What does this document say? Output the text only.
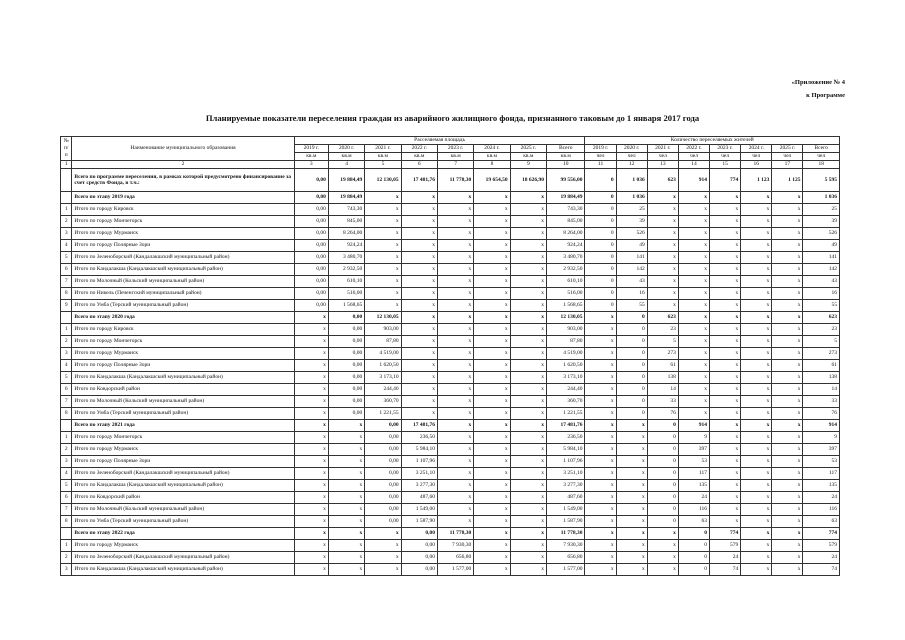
«Приложение № 4
к Программе
Планируемые показатели переселения граждан из аварийного жилищного фонда, признанного таковым до 1 января 2017 года
№ п/п	Наименование муниципального образования	Расселяемая площадь								Количество переселяемых жителей							
		2019 г.	2020 г.	2021 г.	2022 г.	2023 г.	2024 г.	2025 г.	Всего	2019 г.	2020 г.	2021 г.	2022 г.	2023 г.	2024 г.	2025 г.	Всего
		кв.м	кв.м	кв.м	кв.м	кв.м	кв.м	кв.м	кв.м	чел	чел	чел	чел	чел	чел	чел	чел
1	2	3	4	5	6	7	8	9	10	11	12	13	14	15	16	17	18
	Всего по программе переселения, в рамках которой предусмотрено финансирование за счет средств Фонда, в т.ч.:	0,00	19 884,49	12 130,05	17 481,76	11 778,30	19 654,50	18 626,90	99 556,00	0	1 036	623	914	774	1 123	1 125	5 595
	Всего по этапу 2019 года	0,00	19 884,49	x	x	x	x	x	19 884,49	0	1 036	x	x	x	x	x	1 036
1	Итого по городу Кировск	0,00	743,30	x	x	x	x	x	743,30	0	25	x	x	x	x	x	25
2	Итого по городу Мончегорск	0,00	845,00	x	x	x	x	x	845,00	0	39	x	x	x	x	x	39
3	Итого по городу Мурманск	0,00	8 264,00	x	x	x	x	x	8 264,00	0	526	x	x	x	x	x	526
4	Итого по городу Полярные Зори	0,00	924,24	x	x	x	x	x	924,24	0	49	x	x	x	x	x	49
5	Итого по Зеленоборский (Кандалакшский муниципальный район)	0,00	3 480,70	x	x	x	x	x	3 480,70	0	141	x	x	x	x	x	141
6	Итого по Кандалакша (Кандалакшский муниципальный район)	0,00	2 932,50	x	x	x	x	x	2 932,50	0	142	x	x	x	x	x	142
7	Итого по Молочный (Кольский муниципальный район)	0,00	610,10	x	x	x	x	x	610,10	0	43	x	x	x	x	x	43
8	Итого по Никель (Печенгский муниципальный район)	0,00	516,00	x	x	x	x	x	516,00	0	16	x	x	x	x	x	16
9	Итого по Умба (Терский муниципальный район)	0,00	1 568,65	x	x	x	x	x	1 568,65	0	55	x	x	x	x	x	55
	Всего по этапу 2020 года	x	0,00	12 130,05	x	x	x	x	12 130,05	x	0	623	x	x	x	x	623
1	Итого по городу Кировск	x	0,00	903,00	x	x	x	x	903,00	x	0	23	x	x	x	x	23
2	Итого по городу Мончегорск	x	0,00	87,80	x	x	x	x	87,80	x	0	5	x	x	x	x	5
3	Итого по городу Мурманск	x	0,00	4 519,00	x	x	x	x	4 519,00	x	0	273	x	x	x	x	273
4	Итого по городу Полярные Зори	x	0,00	1 620,50	x	x	x	x	1 620,50	x	0	61	x	x	x	x	61
5	Итого по Кандалакша (Кандалакшский муниципальный район)	x	0,00	3 173,10	x	x	x	x	3 173,10	x	0	138	x	x	x	x	138
6	Итого по Ковдорский район	x	0,00	244,40	x	x	x	x	244,40	x	0	14	x	x	x	x	14
7	Итого по Молочный (Кольский муниципальный район)	x	0,00	360,70	x	x	x	x	360,70	x	0	33	x	x	x	x	33
8	Итого по Умба (Терский муниципальный район)	x	0,00	1 221,55	x	x	x	x	1 221,55	x	0	76	x	x	x	x	76
	Всего по этапу 2021 года	x	x	0,00	17 481,76	x	x	x	17 481,76	x	x	0	914	x	x	x	914
1	Итого по городу Мончегорск	x	x	0,00	236,50	x	x	x	236,50	x	x	0	9	x	x	x	9
2	Итого по городу Мурманск	x	x	0,00	5 984,10	x	x	x	5 984,10	x	x	0	397	x	x	x	397
3	Итого по городу Полярные Зори	x	x	0,00	1 107,96	x	x	x	1 107,96	x	x	0	53	x	x	x	53
4	Итого по Зеленоборский (Кандалакшский муниципальный район)	x	x	0,00	3 251,10	x	x	x	3 251,10	x	x	0	117	x	x	x	117
5	Итого по Кандалакша (Кандалакшский муниципальный район)	x	x	0,00	3 277,30	x	x	x	3 277,30	x	x	0	135	x	x	x	135
6	Итого по Ковдорский район	x	x	0,00	487,60	x	x	x	487,60	x	x	0	24	x	x	x	24
7	Итого по Молочный (Кольский муниципальный район)	x	x	0,00	1 549,00	x	x	x	1 549,00	x	x	0	116	x	x	x	116
8	Итого по Умба (Терский муниципальный район)	x	x	0,00	1 587,90	x	x	x	1 587,90	x	x	0	63	x	x	x	63
	Всего по этапу 2022 года	x	x	x	0,00	11 778,30	x	x	11 778,30	x	x	x	0	774	x	x	774
1	Итого по городу Мурманск	x	x	x	0,00	7 930,30	x	x	7 930,30	x	x	x	0	579	x	x	579
2	Итого по Зеленоборский (Кандалакшский муниципальный район)	x	x	x	0,00	656,80	x	x	656,80	x	x	x	0	24	x	x	24
3	Итого по Кандалакша (Кандалакшский муниципальный район)	x	x	x	0,00	1 577,00	x	x	1 577,00	x	x	x	0	74	x	x	74
